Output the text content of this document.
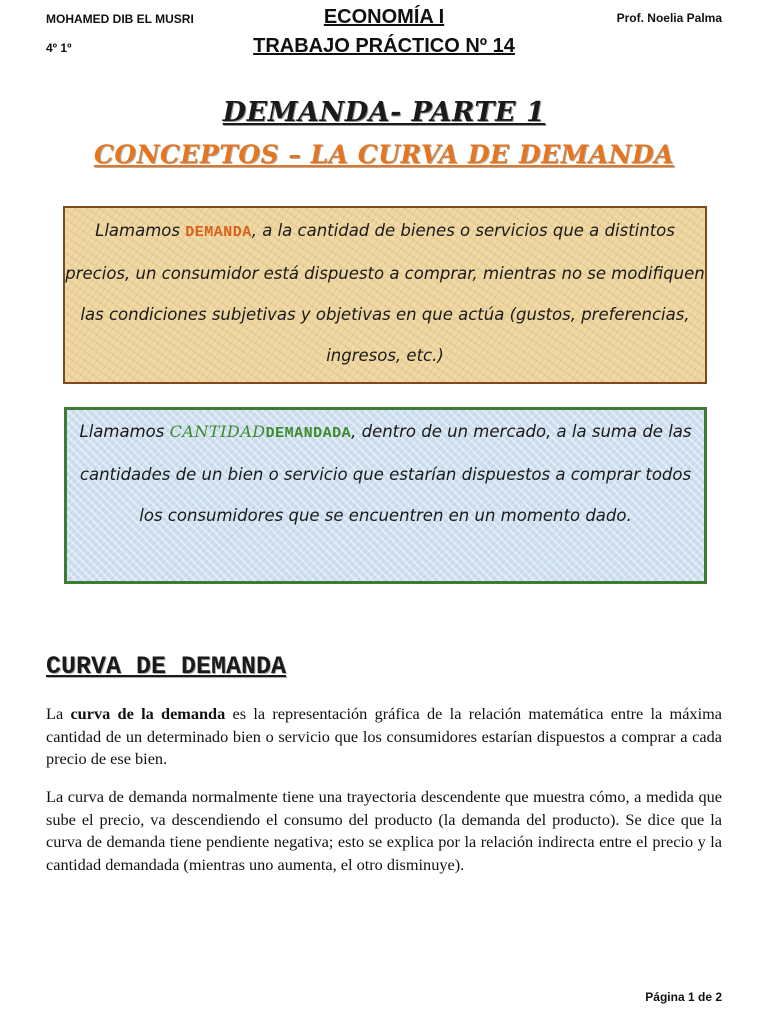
MOHAMED DIB EL MUSRI
4º 1º
ECONOMÍA I
TRABAJO PRÁCTICO Nº 14
Prof. Noelia Palma
DEMANDA- PARTE 1
CONCEPTOS – LA CURVA DE DEMANDA
Llamamos DEMANDA, a la cantidad de bienes o servicios que a distintos precios, un consumidor está dispuesto a comprar, mientras no se modifiquen las condiciones subjetivas y objetivas en que actúa (gustos, preferencias, ingresos, etc.)
Llamamos CANTIDADDEMANDADA, dentro de un mercado, a la suma de las cantidades de un bien o servicio que estarían dispuestos a comprar todos los consumidores que se encuentren en un momento dado.
CURVA DE DEMANDA

La curva de la demanda es la representación gráfica de la relación matemática entre la máxima cantidad de un determinado bien o servicio que los consumidores estarían dispuestos a comprar a cada precio de ese bien.

La curva de demanda normalmente tiene una trayectoria descendente que muestra cómo, a medida que sube el precio, va descendiendo el consumo del producto (la demanda del producto). Se dice que la curva de demanda tiene pendiente negativa; esto se explica por la relación indirecta entre el precio y la cantidad demandada (mientras uno aumenta, el otro disminuye).

Página 1 de 2
